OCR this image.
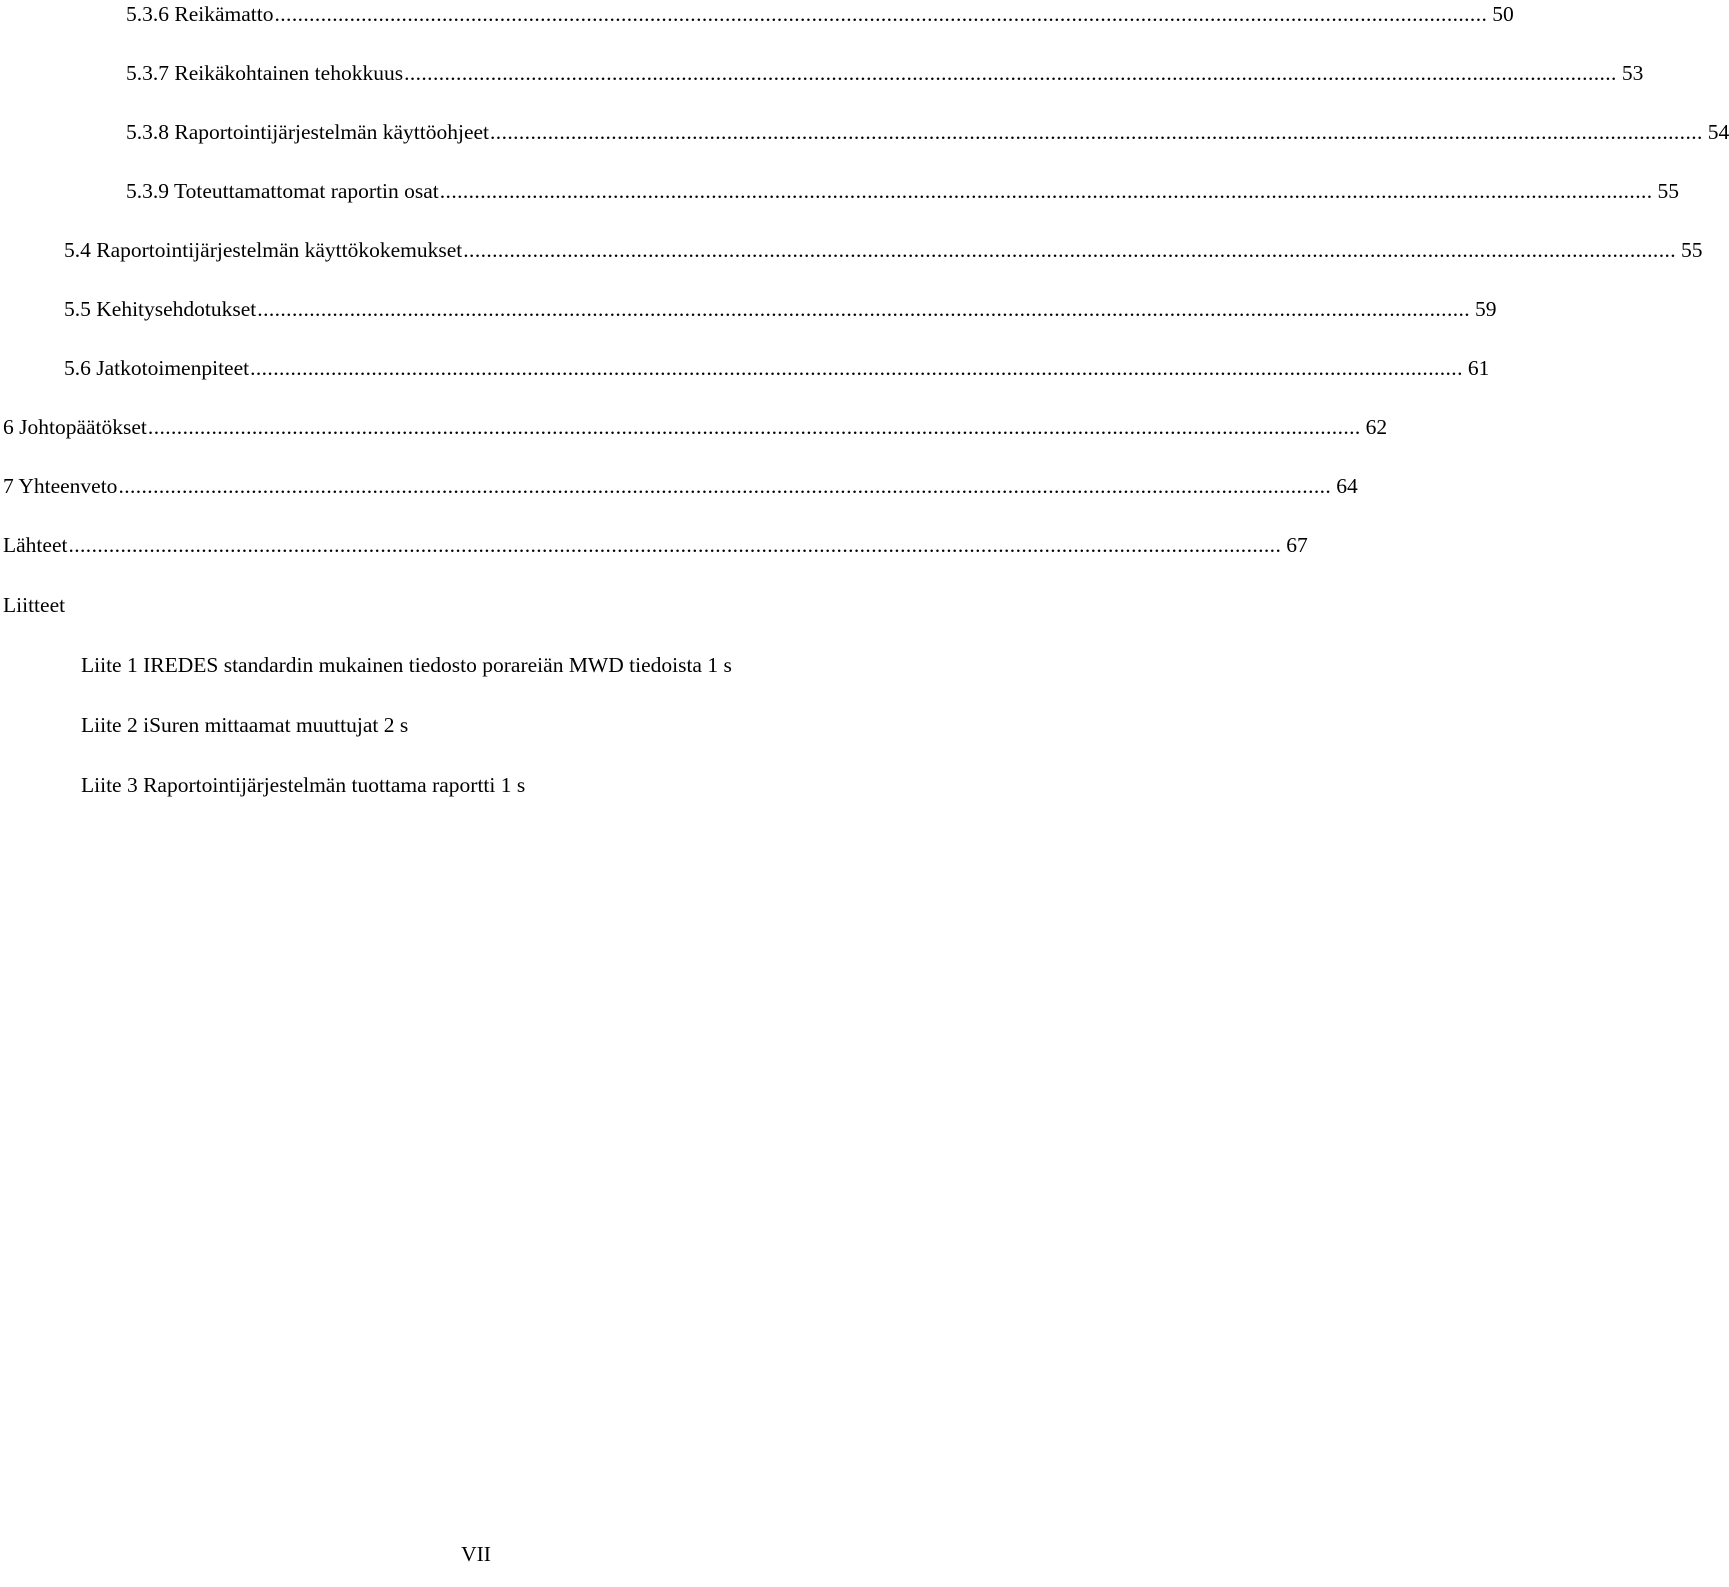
5.3.6 Reikämatto .................................................................................................................................................................................................................. 50
5.3.7 Reikäkohtainen tehokkuus .................................................................................................................................................................................................................. 53
5.3.8 Raportointijärjestelmän käyttöohjeet .................................................................................................................................................................................................................. 54
5.3.9 Toteuttamattomat raportin osat .................................................................................................................................................................................................................. 55
5.4 Raportointijärjestelmän käyttökokemukset .................................................................................................................................................................................................................. 55
5.5 Kehitysehdotukset .................................................................................................................................................................................................................. 59
5.6 Jatkotoimenpiteet .................................................................................................................................................................................................................. 61
6 Johtopäätökset .................................................................................................................................................................................................................. 62
7 Yhteenveto .................................................................................................................................................................................................................. 64
Lähteet .................................................................................................................................................................................................................. 67
Liitteet
Liite 1 IREDES standardin mukainen tiedosto porareiän MWD tiedoista 1 s
Liite 2 iSuren mittaamat muuttujat 2 s
Liite 3 Raportointijärjestelmän tuottama raportti 1 s
VII
